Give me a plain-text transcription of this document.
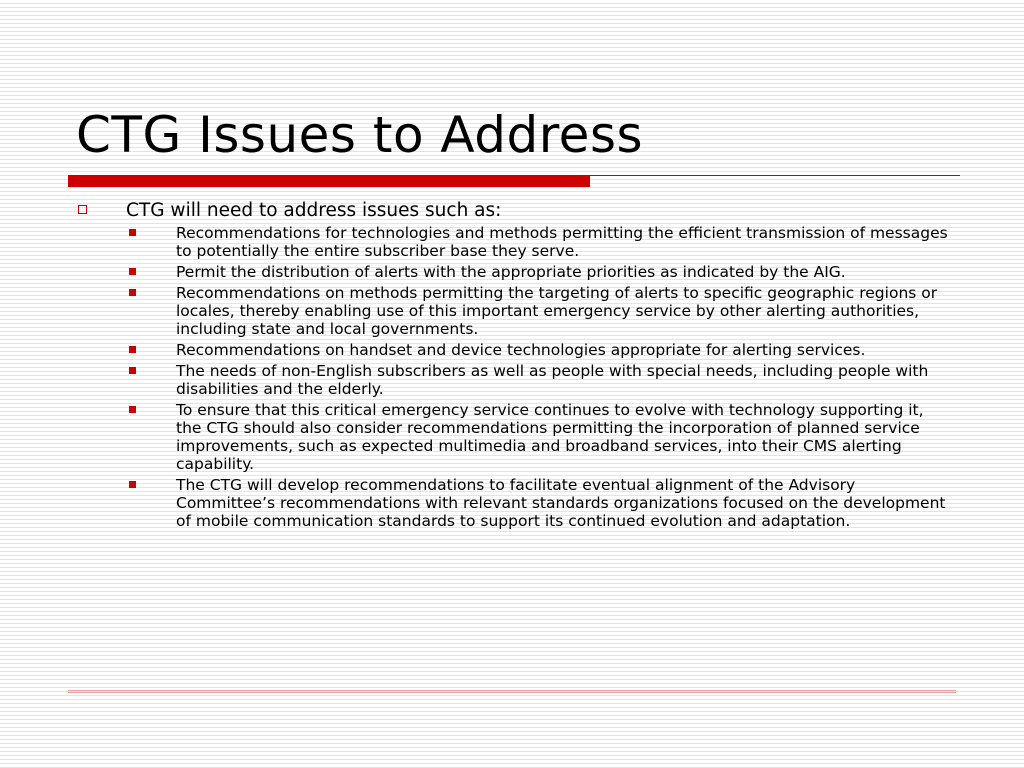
CTG Issues to Address
CTG will need to address issues such as:
Recommendations for technologies and methods permitting the efficient transmission of messages to potentially the entire subscriber base they serve.
Permit the distribution of alerts with the appropriate priorities as indicated by the AIG.
Recommendations on methods permitting the targeting of alerts to specific geographic regions or locales, thereby enabling use of this important emergency service by other alerting authorities, including state and local governments.
Recommendations on handset and device technologies appropriate for alerting services.
The needs of non-English subscribers as well as people with special needs, including people with disabilities and the elderly.
To ensure that this critical emergency service continues to evolve with technology supporting it, the CTG should also consider recommendations permitting the incorporation of planned service improvements, such as expected multimedia and broadband services, into their CMS alerting capability.
The CTG will develop recommendations to facilitate eventual alignment of the Advisory Committee’s recommendations with relevant standards organizations focused on the development of mobile communication standards to support its continued evolution and adaptation.
